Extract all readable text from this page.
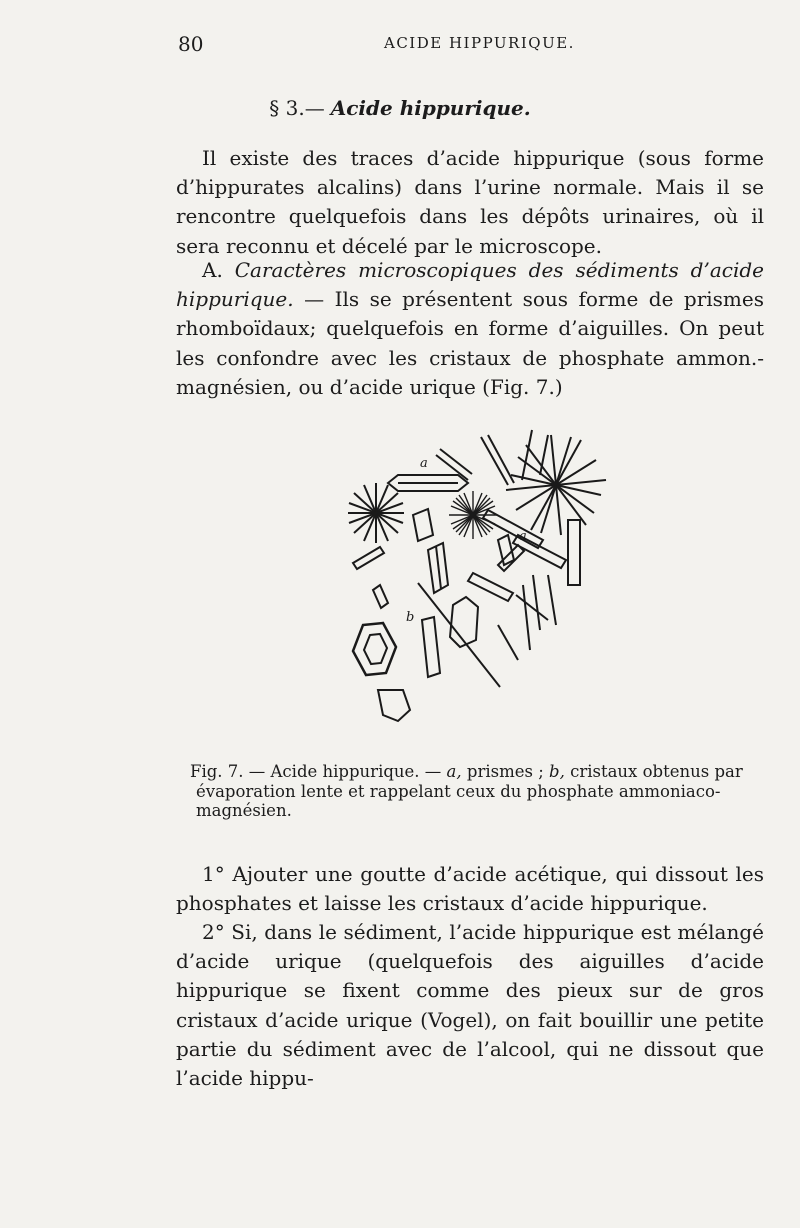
80	ACIDE HIPPURIQUE.
§ 3.— Acide hippurique.

Il existe des traces d’acide hippurique (sous forme d’hippurates alcalins) dans l’urine normale. Mais il se rencontre quelquefois dans les dépôts urinaires, où il sera reconnu et décelé par le microscope.

A. Caractères microscopiques des sédiments d’acide hippurique. — Ils se présentent sous forme de prismes rhomboïdaux; quelquefois en forme d’aiguilles. On peut les confondre avec les cristaux de phosphate ammon.-magnésien, ou d’acide urique (Fig. 7.)

a
a
b

Fig. 7. — Acide hippurique. — a, prismes ; b, cristaux obtenus par évaporation lente et rappelant ceux du phosphate ammoniaco-magnésien.

1° Ajouter une goutte d’acide acétique, qui dissout les phosphates et laisse les cristaux d’acide hippurique.

2° Si, dans le sédiment, l’acide hippurique est mélangé d’acide urique (quelquefois des aiguilles d’acide hippurique se fixent comme des pieux sur de gros cristaux d’acide urique (Vogel), on fait bouillir une petite partie du sédiment avec de l’alcool, qui ne dissout que l’acide hippu-
